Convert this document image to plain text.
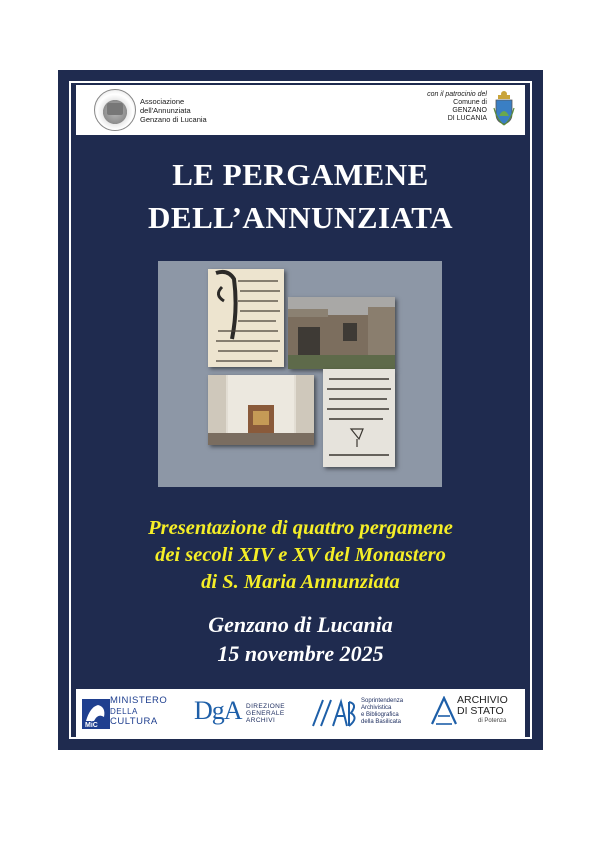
Associazione
dell'Annunziata
Genzano di Lucania
con il patrocinio del
Comune di
GENZANO
DI LUCANIA
LE PERGAMENE
DELL’ANNUNZIATA
Presentazione di quattro pergamene
dei secoli XIV e XV del Monastero
di S. Maria Annunziata
Genzano di Lucania
15 novembre 2025
MiC
MINISTERO
DELLA
CULTURA	DgA DIREZIONE
GENERALE
ARCHIVI
Soprintendenza
Archivistica
e Bibliografica
della Basilicata
ARCHIVIO
DI STATO
di Potenza
